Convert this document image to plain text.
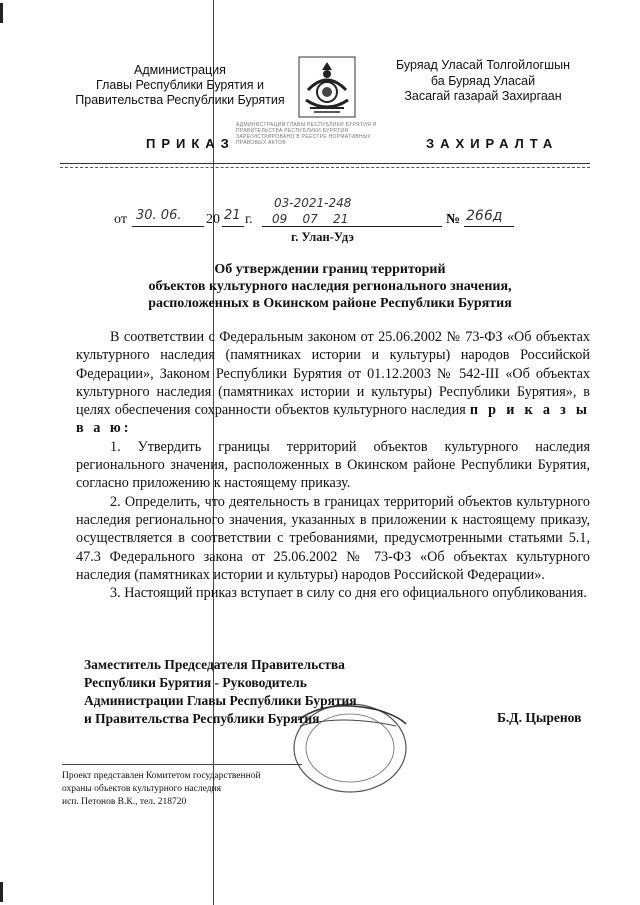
Администрация
Главы Республики Бурятия и
Правительства Республики Бурятия
Буряад Уласай Толгойлогшын
ба Буряад Уласай
Засагай газарай Захиргаан
ПРИКАЗ	ЗАХИРАЛТА
АДМИНИСТРАЦИЯ ГЛАВЫ РЕСПУБЛИКИ БУРЯТИЯ И
ПРАВИТЕЛЬСТВА РЕСПУБЛИКИ БУРЯТИЯ
ЗАРЕГИСТРИРОВАНО В РЕЕСТРЕ НОРМАТИВНЫХ
ПРАВОВЫХ АКТОВ
от 30. 06. 20 21 г.
03-2021-248
09    07    21	№ 266д
г. Улан-Удэ
Об утверждении границ территорий
объектов культурного наследия регионального значения,
расположенных в Окинском районе Республики Бурятия

В соответствии с Федеральным законом от 25.06.2002 № 73-ФЗ «Об объектах культурного наследия (памятниках истории и культуры) народов Российской Федерации», Законом Республики Бурятия от 01.12.2003 № 542-III «Об объектах культурного наследия (памятниках истории и культуры) Республики Бурятия», в целях обеспечения сохранности объектов культурного наследия п р и к а з ы в а ю:

1. Утвердить границы территорий объектов культурного наследия регионального значения, расположенных в Окинском районе Республики Бурятия, согласно приложению к настоящему приказу.

2. Определить, что деятельность в границах территорий объектов культурного наследия регионального значения, указанных в приложении к настоящему приказу, осуществляется в соответствии с требованиями, предусмотренными статьями 5.1, 47.3 Федерального закона от 25.06.2002 № 73-ФЗ «Об объектах культурного наследия (памятниках истории и культуры) народов Российской Федерации».

3. Настоящий приказ вступает в силу со дня его официального опубликования.

Заместитель Председателя Правительства
Республики Бурятия - Руководитель
Администрации Главы Республики Бурятия
и Правительства Республики Бурятия	Б.Д. Цыренов
Проект представлен Комитетом государственной
охраны объектов культурного наследия
исп. Петонов В.К., тел. 218720
